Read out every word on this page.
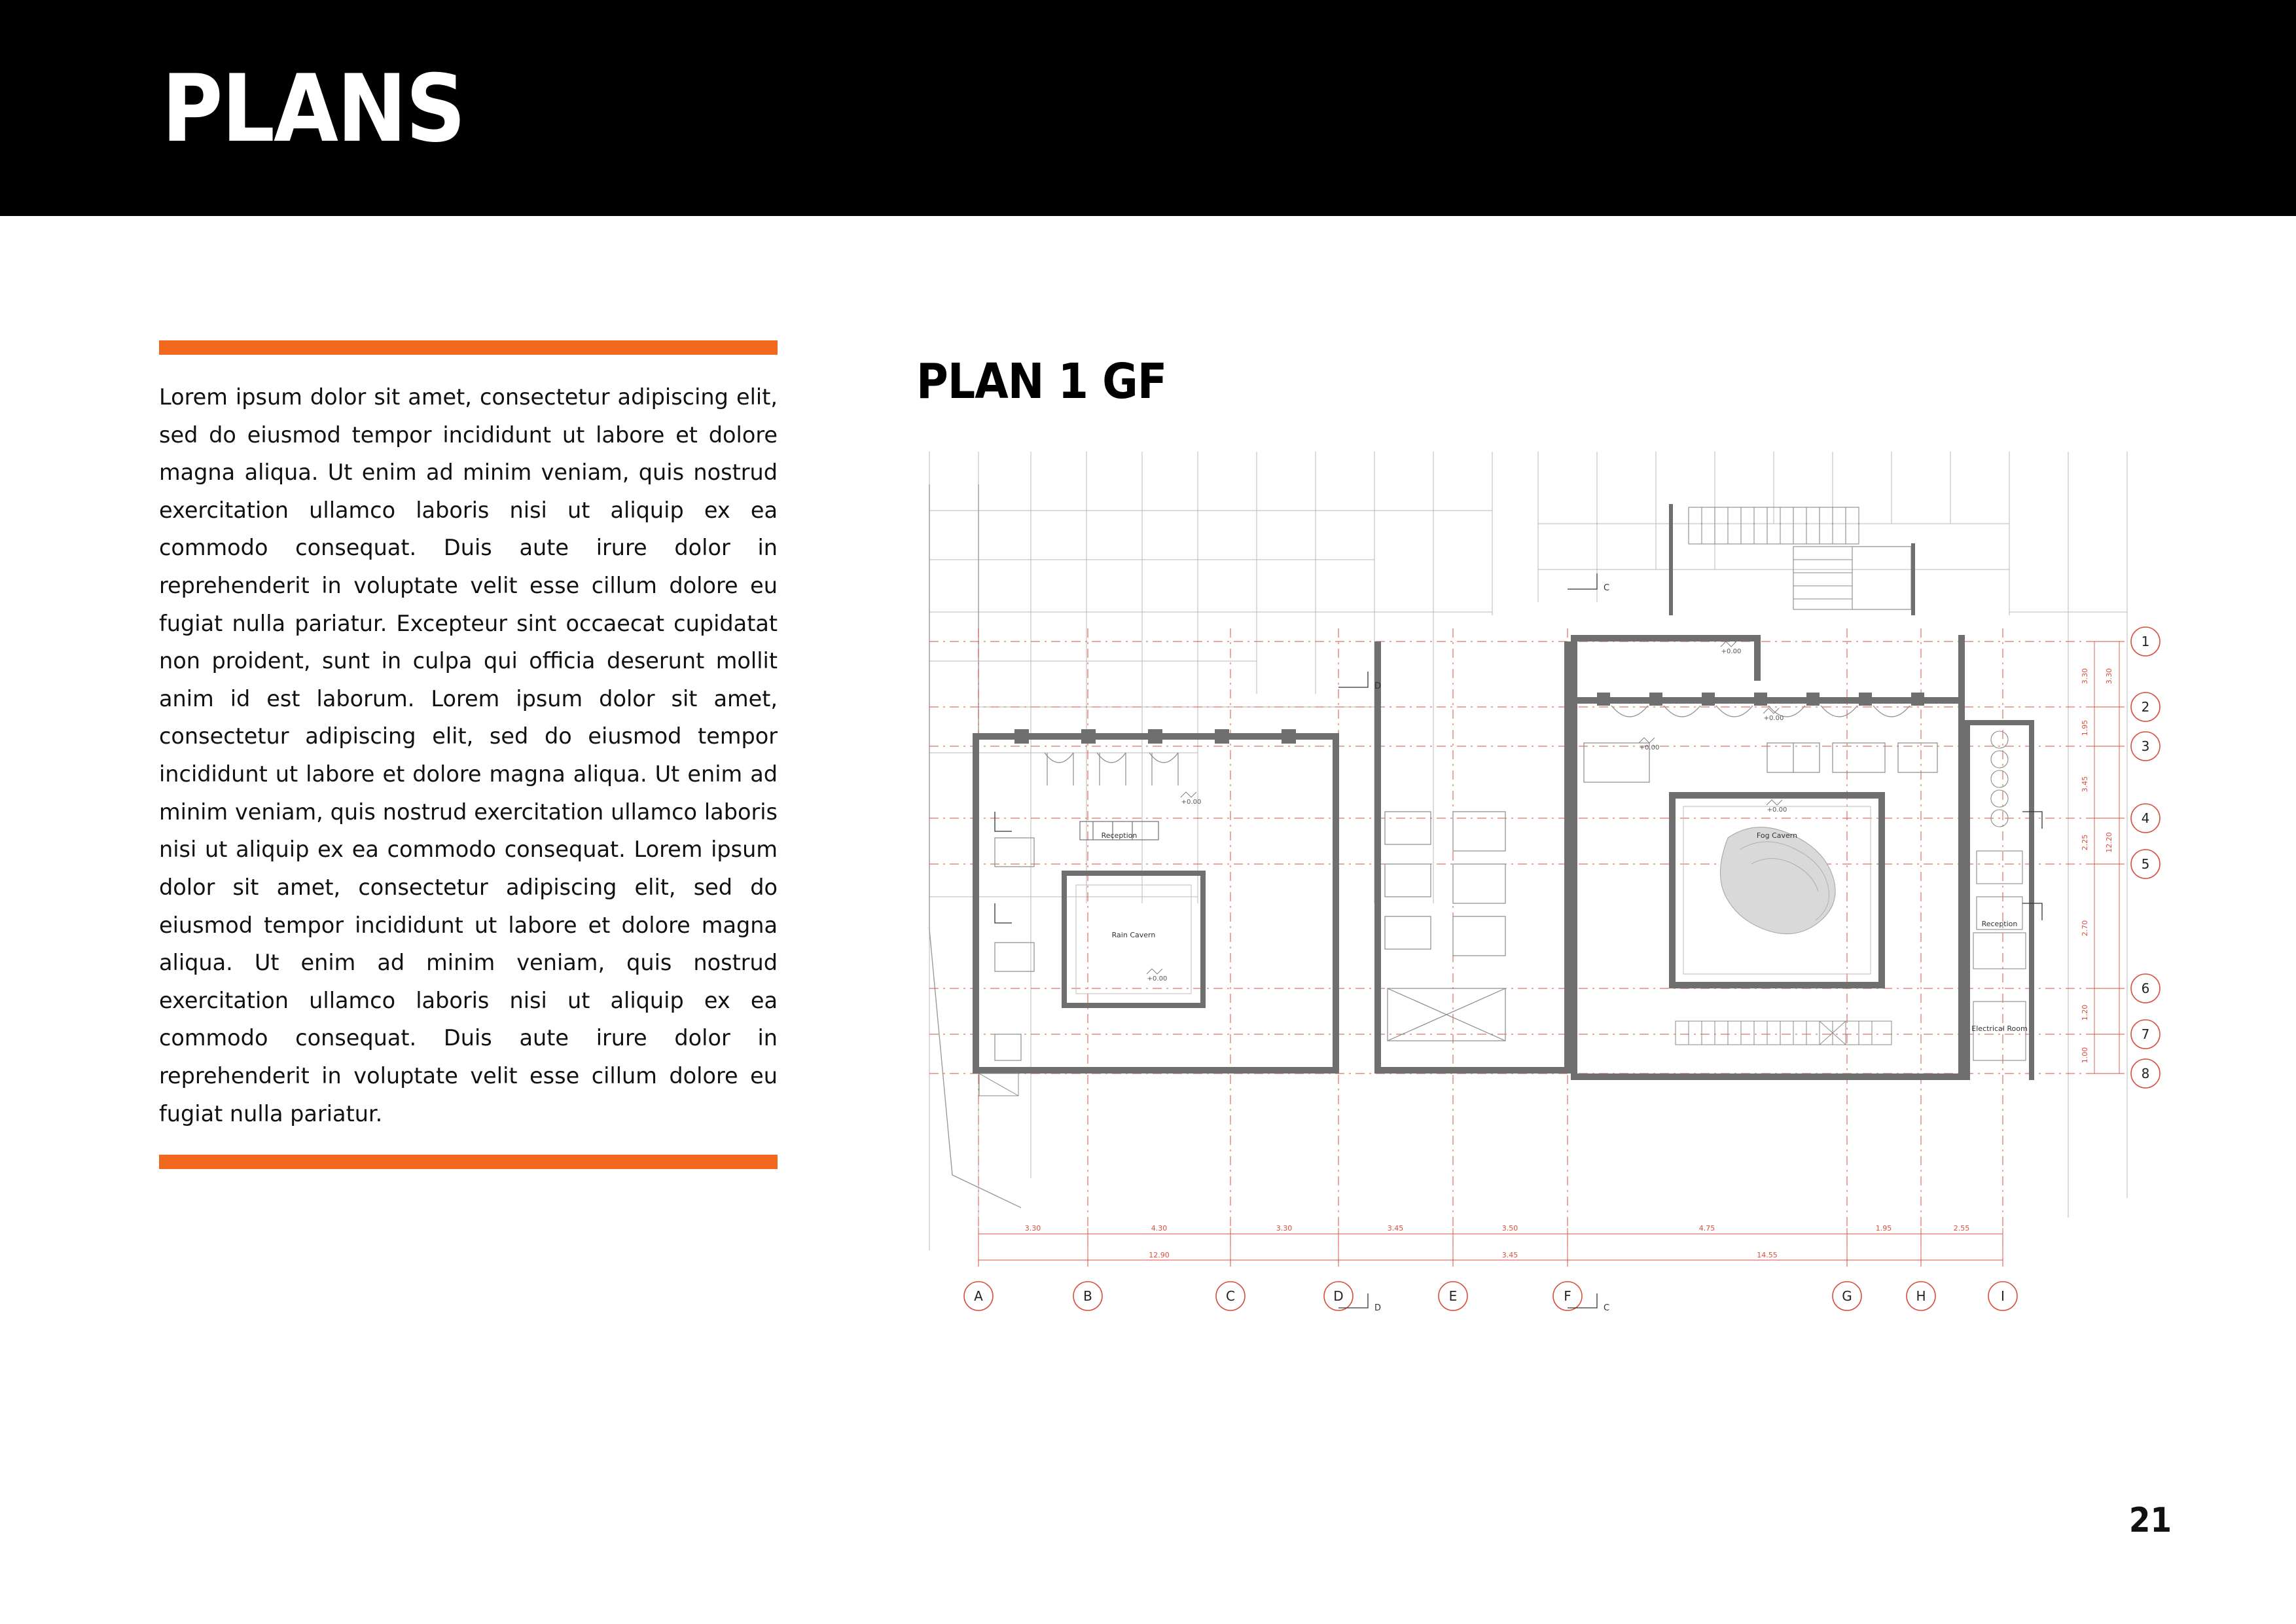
PLANS
Lorem ipsum dolor sit amet, consectetur adipiscing elit, sed do eiusmod tempor incididunt ut labore et dolore magna aliqua. Ut enim ad minim veniam, quis nostrud exercitation ullamco laboris nisi ut aliquip ex ea commodo consequat. Duis aute irure dolor in reprehenderit in voluptate velit esse cillum dolore eu fugiat nulla pariatur. Excepteur sint occaecat cupidatat non proident, sunt in culpa qui officia deserunt mollit anim id est laborum. Lorem ipsum dolor sit amet, consectetur adipiscing elit, sed do eiusmod tempor incididunt ut labore et dolore magna aliqua. Ut enim ad minim veniam, quis nostrud exercitation ullamco laboris nisi ut aliquip ex ea commodo consequat. Lorem ipsum dolor sit amet, consectetur adipiscing elit, sed do eiusmod tempor incididunt ut labore et dolore magna aliqua. Ut enim ad minim veniam, quis nostrud exercitation ullamco laboris nisi ut aliquip ex ea commodo consequat. Duis aute irure dolor in reprehenderit in voluptate velit esse cillum dolore eu fugiat nulla pariatur.
PLAN 1 GF
A	B	C	D	E	F	G	H	I
1
2
3
4
5
6
7
8
3.30	4.30	3.30	3.45	3.50	4.75	1.95	2.55
12.90	3.45	14.55
3.30 3.30
1.95
3.45
2.25 12.20
2.70
1.20
1.00
C
D
D	C
Reception
Rain Cavern
Fog Cavern
Reception
Electrical Room
+0.00
+0.00
+0.00
+0.00
+0.00
+0.00
21
